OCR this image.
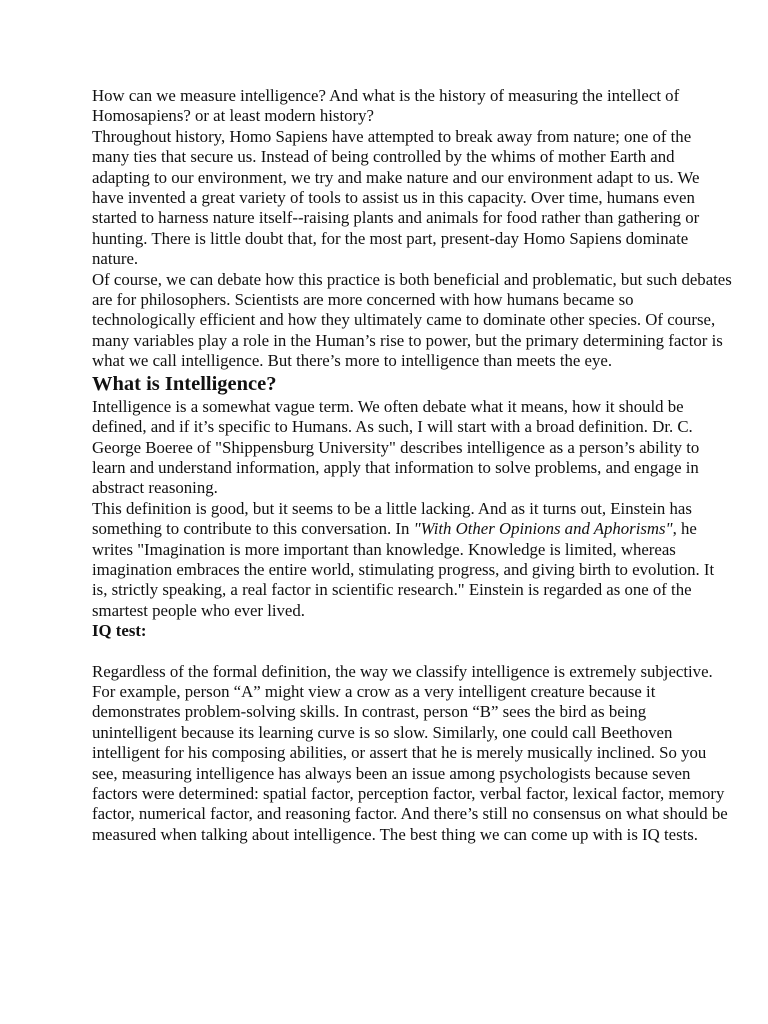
How can we measure intelligence? And what is the history of measuring the intellect of Homosapiens? or at least modern history?

Throughout history, Homo Sapiens have attempted to break away from nature; one of the many ties that secure us. Instead of being controlled by the whims of mother Earth and adapting to our environment, we try and make nature and our environment adapt to us. We have invented a great variety of tools to assist us in this capacity. Over time, humans even started to harness nature itself--raising plants and animals for food rather than gathering or hunting. There is little doubt that, for the most part, present-day Homo Sapiens dominate nature.

Of course, we can debate how this practice is both beneficial and problematic, but such debates are for philosophers. Scientists are more concerned with how humans became so technologically efficient and how they ultimately came to dominate other species. Of course, many variables play a role in the Human’s rise to power, but the primary determining factor is what we call intelligence. But there’s more to intelligence than meets the eye.

What is Intelligence?

Intelligence is a somewhat vague term. We often debate what it means, how it should be defined, and if it’s specific to Humans. As such, I will start with a broad definition. Dr. C. George Boeree of "Shippensburg University" describes intelligence as a person’s ability to learn and understand information, apply that information to solve problems, and engage in abstract reasoning.

This definition is good, but it seems to be a little lacking. And as it turns out, Einstein has something to contribute to this conversation. In "With Other Opinions and Aphorisms", he writes "Imagination is more important than knowledge. Knowledge is limited, whereas imagination embraces the entire world, stimulating progress, and giving birth to evolution. It is, strictly speaking, a real factor in scientific research." Einstein is regarded as one of the smartest people who ever lived.

IQ test:

Regardless of the formal definition, the way we classify intelligence is extremely subjective. For example, person “A” might view a crow as a very intelligent creature because it demonstrates problem-solving skills. In contrast, person “B” sees the bird as being unintelligent because its learning curve is so slow. Similarly, one could call Beethoven intelligent for his composing abilities, or assert that he is merely musically inclined. So you see, measuring intelligence has always been an issue among psychologists because seven factors were determined: spatial factor, perception factor, verbal factor, lexical factor, memory factor, numerical factor, and reasoning factor. And there’s still no consensus on what should be measured when talking about intelligence. The best thing we can come up with is IQ tests.
